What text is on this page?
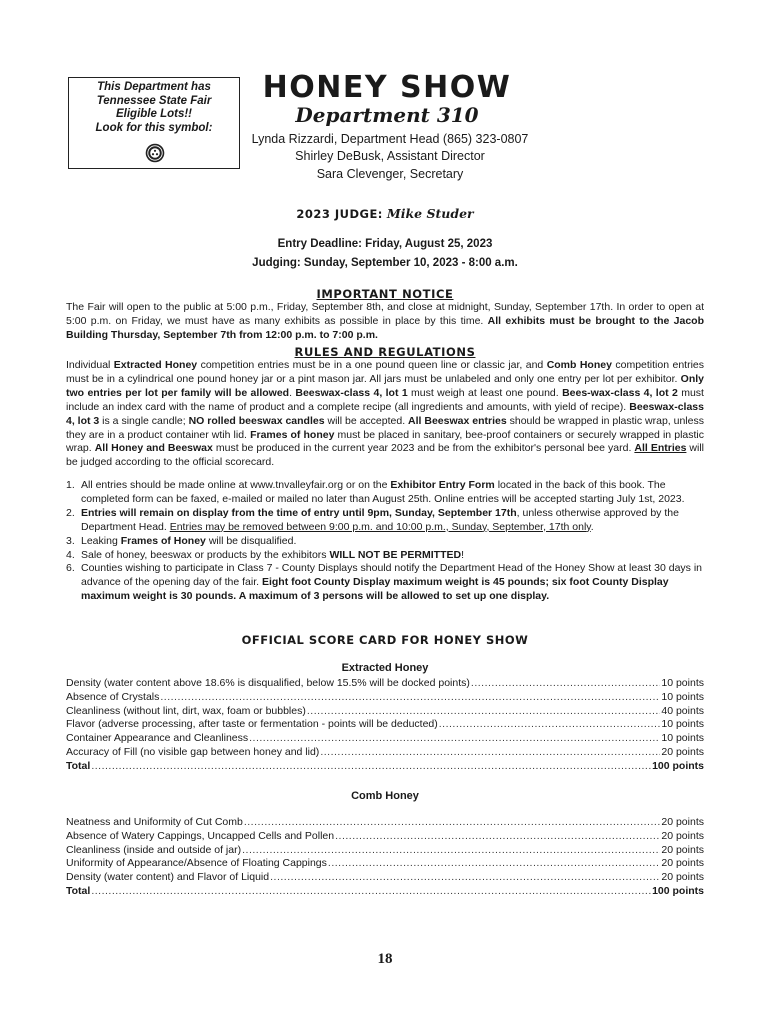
This Department has
Tennessee State Fair
Eligible Lots!!
Look for this symbol:
HONEY SHOW
Department 310
Lynda Rizzardi, Department Head (865) 323-0807
Shirley DeBusk, Assistant Director
Sara Clevenger, Secretary
2023 JUDGE: Mike Studer
Entry Deadline: Friday, August 25, 2023
Judging: Sunday, September 10, 2023 - 8:00 a.m.
IMPORTANT NOTICE
The Fair will open to the public at 5:00 p.m., Friday, September 8th, and close at midnight, Sunday, September 17th. In order to open at 5:00 p.m. on Friday, we must have as many exhibits as possible in place by this time. All exhibits must be brought to the Jacob Building Thursday, September 7th from 12:00 p.m. to 7:00 p.m.
RULES AND REGULATIONS
Individual Extracted Honey competition entries must be in a one pound queen line or classic jar, and Comb Honey competition entries must be in a cylindrical one pound honey jar or a pint mason jar. All jars must be unlabeled and only one entry per lot per exhibitor. Only two entries per lot per family will be allowed. Beeswax-class 4, lot 1 must weigh at least one pound. Bees-wax-class 4, lot 2 must include an index card with the name of product and a complete recipe (all ingredients and amounts, with yield of recipe). Beeswax-class 4, lot 3 is a single candle; NO rolled beeswax candles will be accepted. All Beeswax entries should be wrapped in plastic wrap, unless they are in a product container wtih lid. Frames of honey must be placed in sanitary, bee-proof containers or securely wrapped in plastic wrap. All Honey and Beeswax must be produced in the current year 2023 and be from the exhibitor's personal bee yard. All Entries will be judged according to the official scorecard.
1. All entries should be made online at www.tnvalleyfair.org or on the Exhibitor Entry Form located in the back of this book. The completed form can be faxed, e-mailed or mailed no later than August 25th. Online entries will be accepted starting July 1st, 2023.
2. Entries will remain on display from the time of entry until 9pm, Sunday, September 17th, unless otherwise approved by the Department Head. Entries may be removed between 9:00 p.m. and 10:00 p.m., Sunday, September, 17th only.
3. Leaking Frames of Honey will be disqualified.
4. Sale of honey, beeswax or products by the exhibitors WILL NOT BE PERMITTED!
6. Counties wishing to participate in Class 7 - County Displays should notify the Department Head of the Honey Show at least 30 days in advance of the opening day of the fair. Eight foot County Display maximum weight is 45 pounds; six foot County Display maximum weight is 30 pounds. A maximum of 3 persons will be allowed to set up one display.
OFFICIAL SCORE CARD FOR HONEY SHOW
Extracted Honey
Density (water content above 18.6% is disqualified, below 15.5% will be docked points) .....	10 points
Absence of Crystals .....	10 points
Cleanliness (without lint, dirt, wax, foam or bubbles) .....	40 points
Flavor (adverse processing, after taste or fermentation - points will be deducted) .....	10 points
Container Appearance and Cleanliness .....	10 points
Accuracy of Fill (no visible gap between honey and lid) .....	20 points
Total .....	100 points
Comb Honey
Neatness and Uniformity of Cut Comb .....	20 points
Absence of Watery Cappings, Uncapped Cells and Pollen .....	20 points
Cleanliness (inside and outside of jar) .....	20 points
Uniformity of Appearance/Absence of Floating Cappings .....	20 points
Density (water content) and Flavor of Liquid .....	20 points
Total .....	100 points
18
